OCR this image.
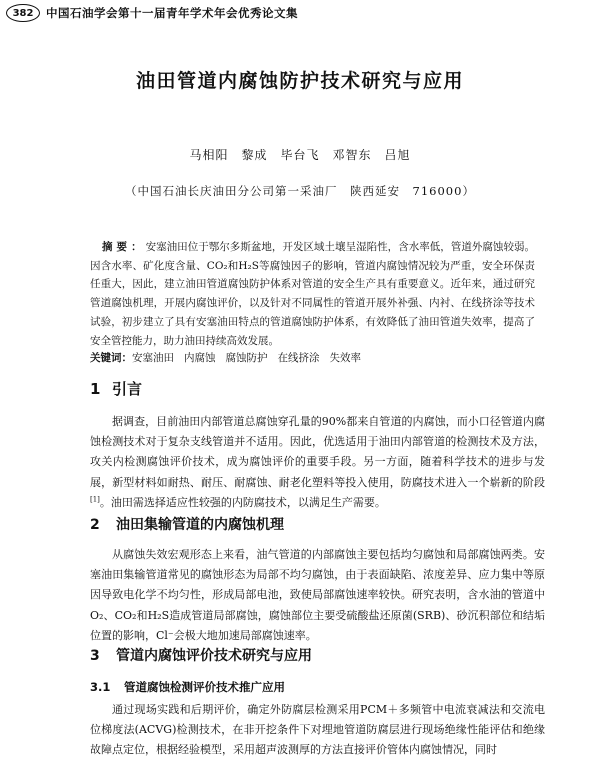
382	中国石油学会第十一届青年学术年会优秀论文集
油田管道内腐蚀防护技术研究与应用
马相阳　黎成　毕台飞　邓智东　吕旭
（中国石油长庆油田分公司第一采油厂　陕西延安　716000）
摘要：安塞油田位于鄂尔多斯盆地，开发区域土壤呈湿陷性，含水率低，管道外腐蚀较弱。因含水率、矿化度含量、CO₂和H₂S等腐蚀因子的影响，管道内腐蚀情况较为严重，安全环保责任重大，因此，建立油田管道腐蚀防护体系对管道的安全生产具有重要意义。近年来，通过研究管道腐蚀机理，开展内腐蚀评价，以及针对不同属性的管道开展外补强、内衬、在线挤涂等技术试验，初步建立了具有安塞油田特点的管道腐蚀防护体系，有效降低了油田管道失效率，提高了安全管控能力，助力油田持续高效发展。
关键词：安塞油田 内腐蚀 腐蚀防护 在线挤涂 失效率
1 引言
据调查，目前油田内部管道总腐蚀穿孔量的90%都来自管道的内腐蚀，而小口径管道内腐蚀检测技术对于复杂支线管道并不适用。因此，优选适用于油田内部管道的检测技术及方法，攻关内检测腐蚀评价技术，成为腐蚀评价的重要手段。另一方面，随着科学技术的进步与发展，新型材料如耐热、耐压、耐腐蚀、耐老化塑料等投入使用，防腐技术进入一个崭新的阶段[1]。油田需选择适应性较强的内防腐技术，以满足生产需要。
2 油田集输管道的内腐蚀机理
从腐蚀失效宏观形态上来看，油气管道的内部腐蚀主要包括均匀腐蚀和局部腐蚀两类。安塞油田集输管道常见的腐蚀形态为局部不均匀腐蚀，由于表面缺陷、浓度差异、应力集中等原因导致电化学不均匀性，形成局部电池，致使局部腐蚀速率较快。研究表明，含水油的管道中O₂、CO₂和H₂S造成管道局部腐蚀，腐蚀部位主要受硫酸盐还原菌(SRB)、砂沉积部位和结垢位置的影响，Cl⁻会极大地加速局部腐蚀速率。
3 管道内腐蚀评价技术研究与应用
3.1 管道腐蚀检测评价技术推广应用
通过现场实践和后期评价，确定外防腐层检测采用PCM＋多频管中电流衰减法和交流电位梯度法(ACVG)检测技术，在非开挖条件下对埋地管道防腐层进行现场绝缘性能评估和绝缘故障点定位，根据经验模型，采用超声波测厚的方法直接评价管体内腐蚀情况，同时
